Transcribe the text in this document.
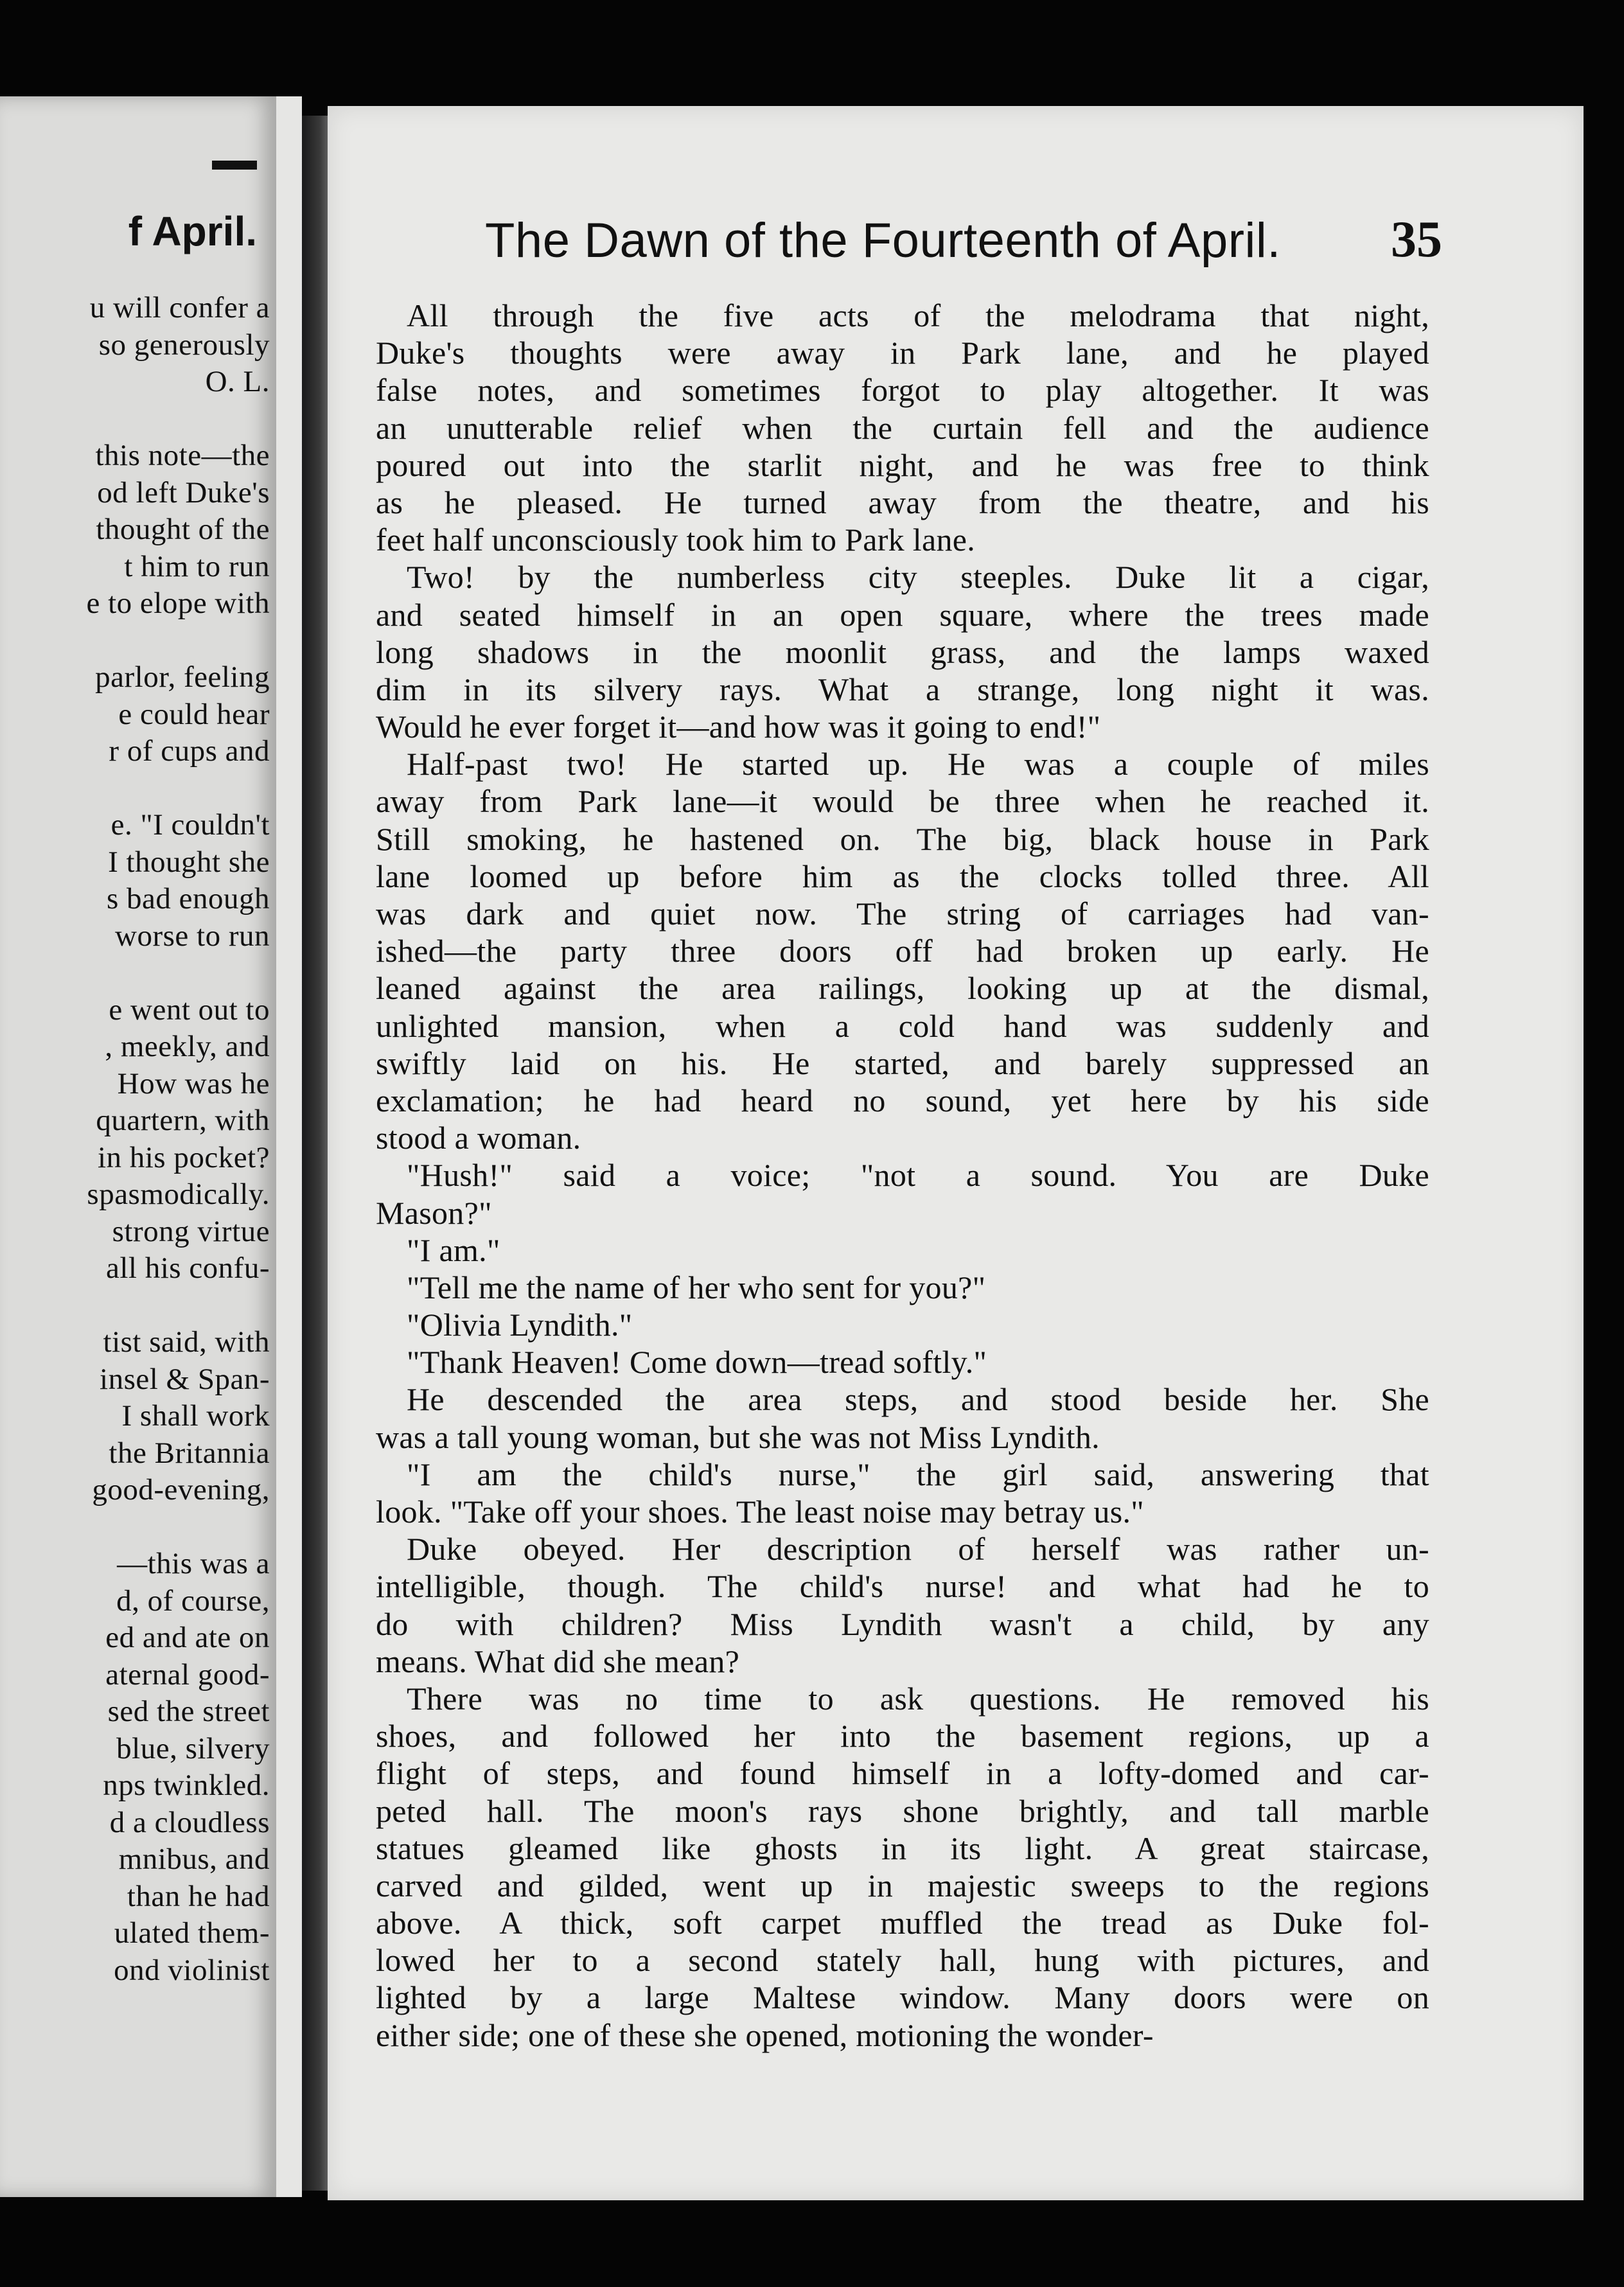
f April.
u will confer a
so generously
O. L.
this note—the
od left Duke's
thought of the
t him to run
e to elope with
parlor, feeling
e could hear
r of cups and
e. "I couldn't
I thought she
s bad enough
worse to run
e went out to
, meekly, and
How was he
quartern, with
in his pocket?
spasmodically.
strong virtue
all his confu-
tist said, with
insel & Span-
I shall work
the Britannia
good-evening,
—this was a
d, of course,
ed and ate on
aternal good-
sed the street
blue, silvery
nps twinkled.
d a cloudless
mnibus, and
than he had
ulated them-
ond violinist
The Dawn of the Fourteenth of April.	35
All through the five acts of the melodrama that night,
Duke's thoughts were away in Park lane, and he played
false notes, and sometimes forgot to play altogether. It was
an unutterable relief when the curtain fell and the audience
poured out into the starlit night, and he was free to think
as he pleased. He turned away from the theatre, and his
feet half unconsciously took him to Park lane.
Two! by the numberless city steeples. Duke lit a cigar,
and seated himself in an open square, where the trees made
long shadows in the moonlit grass, and the lamps waxed
dim in its silvery rays. What a strange, long night it was.
Would he ever forget it—and how was it going to end!"
Half-past two! He started up. He was a couple of miles
away from Park lane—it would be three when he reached it.
Still smoking, he hastened on. The big, black house in Park
lane loomed up before him as the clocks tolled three. All
was dark and quiet now. The string of carriages had van-
ished—the party three doors off had broken up early. He
leaned against the area railings, looking up at the dismal,
unlighted mansion, when a cold hand was suddenly and
swiftly laid on his. He started, and barely suppressed an
exclamation; he had heard no sound, yet here by his side
stood a woman.
"Hush!" said a voice; "not a sound. You are Duke
Mason?"
"I am."
"Tell me the name of her who sent for you?"
"Olivia Lyndith."
"Thank Heaven! Come down—tread softly."
He descended the area steps, and stood beside her. She
was a tall young woman, but she was not Miss Lyndith.
"I am the child's nurse," the girl said, answering that
look. "Take off your shoes. The least noise may betray us."
Duke obeyed. Her description of herself was rather un-
intelligible, though. The child's nurse! and what had he to
do with children? Miss Lyndith wasn't a child, by any
means. What did she mean?
There was no time to ask questions. He removed his
shoes, and followed her into the basement regions, up a
flight of steps, and found himself in a lofty-domed and car-
peted hall. The moon's rays shone brightly, and tall marble
statues gleamed like ghosts in its light. A great staircase,
carved and gilded, went up in majestic sweeps to the regions
above. A thick, soft carpet muffled the tread as Duke fol-
lowed her to a second stately hall, hung with pictures, and
lighted by a large Maltese window. Many doors were on
either side; one of these she opened, motioning the wonder-
